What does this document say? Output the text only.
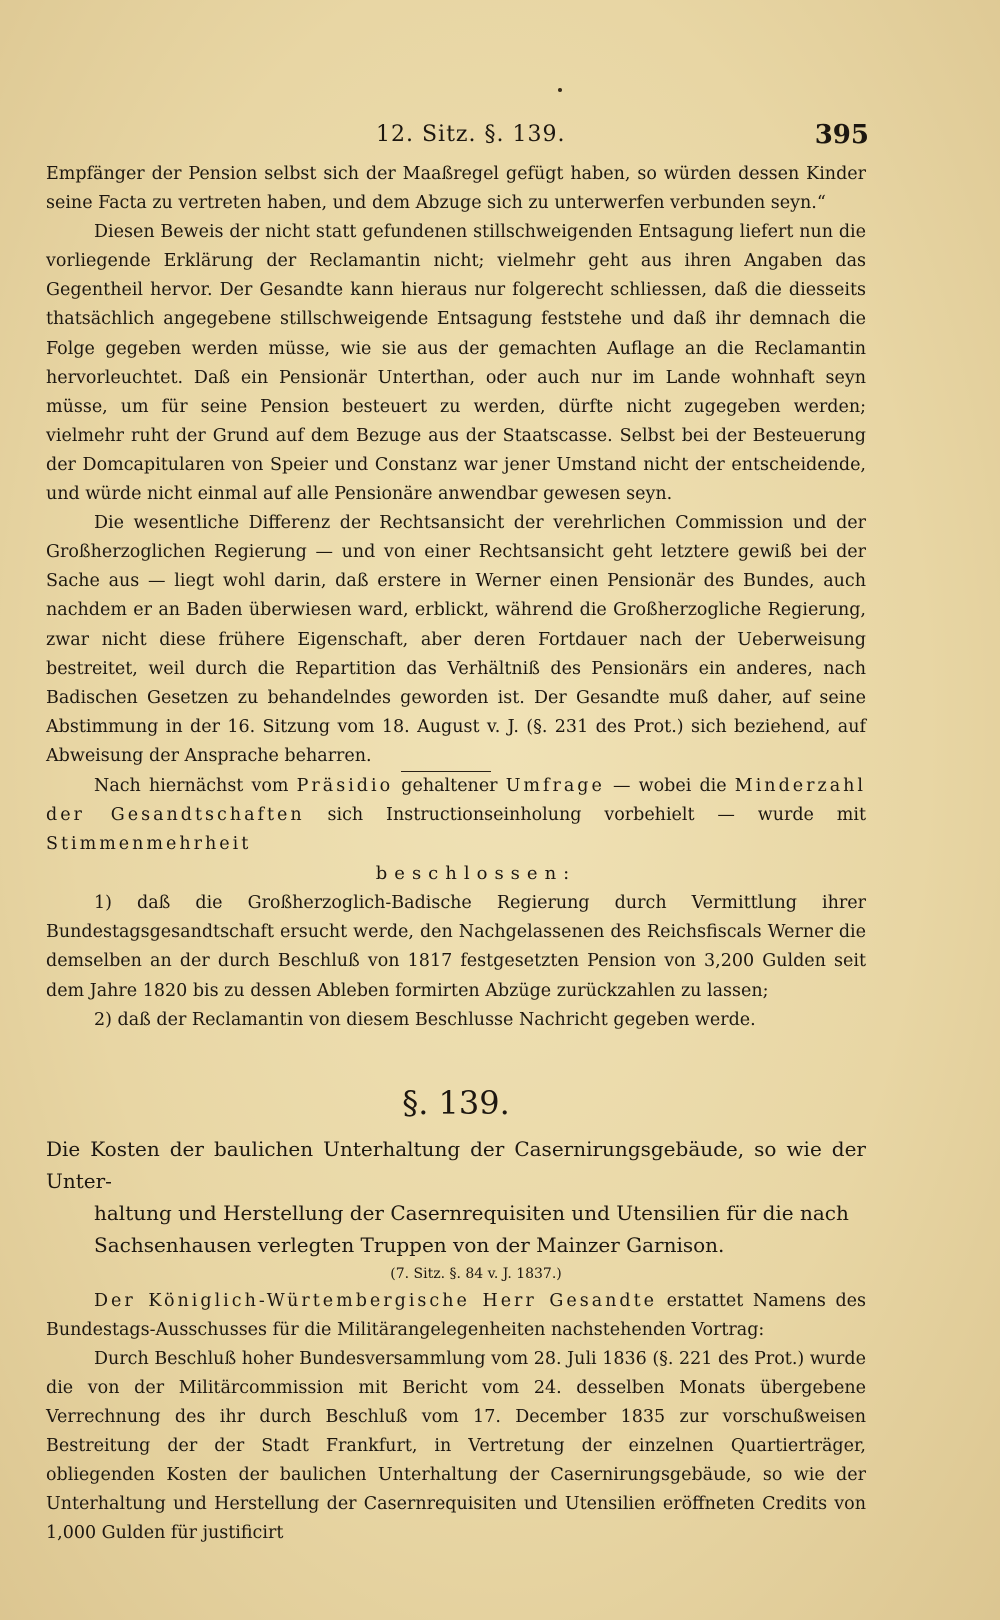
12. Sitz. §. 139.	395

Empfänger der Pension selbst sich der Maaßregel gefügt haben, so würden dessen Kinder seine Facta zu vertreten haben, und dem Abzuge sich zu unterwerfen verbunden seyn.“

Diesen Beweis der nicht statt gefundenen stillschweigenden Entsagung liefert nun die vorliegende Erklärung der Reclamantin nicht; vielmehr geht aus ihren Angaben das Gegentheil hervor. Der Gesandte kann hieraus nur folgerecht schliessen, daß die diesseits thatsächlich angegebene stillschweigende Entsagung feststehe und daß ihr demnach die Folge gegeben werden müsse, wie sie aus der gemachten Auflage an die Reclamantin hervorleuchtet. Daß ein Pensionär Unterthan, oder auch nur im Lande wohnhaft seyn müsse, um für seine Pension besteuert zu werden, dürfte nicht zugegeben werden; vielmehr ruht der Grund auf dem Bezuge aus der Staatscasse. Selbst bei der Besteuerung der Domcapitularen von Speier und Constanz war jener Umstand nicht der entscheidende, und würde nicht einmal auf alle Pensionäre anwendbar gewesen seyn.

Die wesentliche Differenz der Rechtsansicht der verehrlichen Commission und der Großherzoglichen Regierung — und von einer Rechtsansicht geht letztere gewiß bei der Sache aus — liegt wohl darin, daß erstere in Werner einen Pensionär des Bundes, auch nachdem er an Baden überwiesen ward, erblickt, während die Großherzogliche Regierung, zwar nicht diese frühere Eigenschaft, aber deren Fortdauer nach der Ueberweisung bestreitet, weil durch die Repartition das Verhältniß des Pensionärs ein anderes, nach Badischen Gesetzen zu behandelndes geworden ist. Der Gesandte muß daher, auf seine Abstimmung in der 16. Sitzung vom 18. August v. J. (§. 231 des Prot.) sich beziehend, auf Abweisung der Ansprache beharren.

Nach hiernächst vom Präsidio gehaltener Umfrage — wobei die Minderzahl der Gesandtschaften sich Instructionseinholung vorbehielt — wurde mit Stimmenmehrheit

beschlossen:

1) daß die Großherzoglich-Badische Regierung durch Vermittlung ihrer Bundestagsgesandtschaft ersucht werde, den Nachgelassenen des Reichsfiscals Werner die demselben an der durch Beschluß von 1817 festgesetzten Pension von 3,200 Gulden seit dem Jahre 1820 bis zu dessen Ableben formirten Abzüge zurückzahlen zu lassen;

2) daß der Reclamantin von diesem Beschlusse Nachricht gegeben werde.

§. 139.
Die Kosten der baulichen Unterhaltung der Casernirungsgebäude, so wie der Unter-
haltung und Herstellung der Casernrequisiten und Utensilien für die nach
Sachsenhausen verlegten Truppen von der Mainzer Garnison.
(7. Sitz. §. 84 v. J. 1837.)

Der Königlich-Würtembergische Herr Gesandte erstattet Namens des Bundestags-Ausschusses für die Militärangelegenheiten nachstehenden Vortrag:

Durch Beschluß hoher Bundesversammlung vom 28. Juli 1836 (§. 221 des Prot.) wurde die von der Militärcommission mit Bericht vom 24. desselben Monats übergebene Verrechnung des ihr durch Beschluß vom 17. December 1835 zur vorschußweisen Bestreitung der der Stadt Frankfurt, in Vertretung der einzelnen Quartierträger, obliegenden Kosten der baulichen Unterhaltung der Casernirungsgebäude, so wie der Unterhaltung und Herstellung der Casernrequisiten und Utensilien eröffneten Credits von 1,000 Gulden für justificirt
